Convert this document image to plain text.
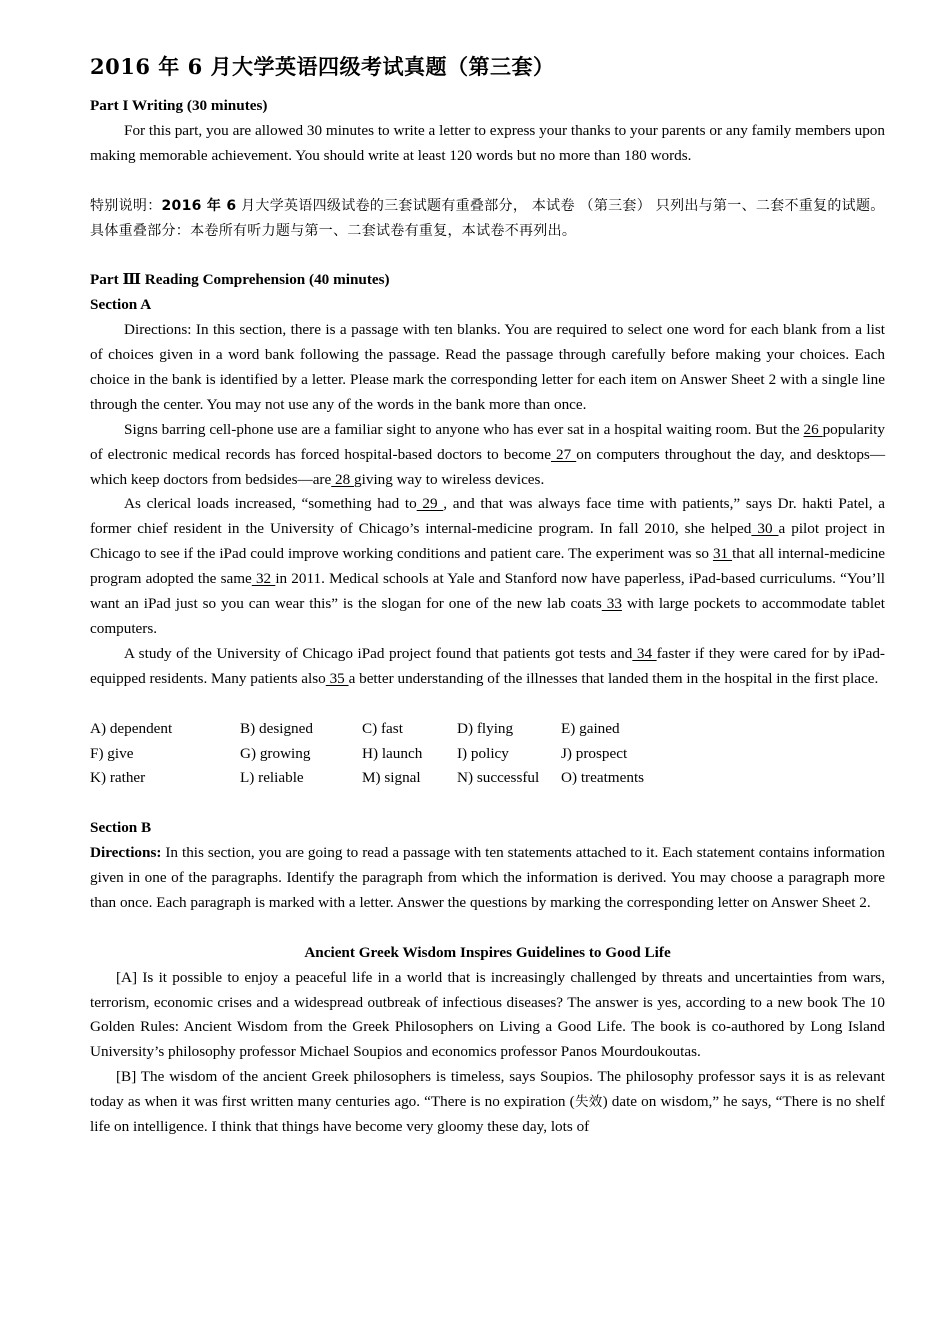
2016 年 6 月大学英语四级考试真题（第三套）

Part I Writing (30 minutes)

For this part, you are allowed 30 minutes to write a letter to express your thanks to your parents or any family members upon making memorable achievement. You should write at least 120 words but no more than 180 words.

特别说明：2016 年 6 月大学英语四级试卷的三套试题有重叠部分， 本试卷 （第三套） 只列出与第一、二套不重复的试题。

具体重叠部分：本卷所有听力题与第一、二套试卷有重复，本试卷不再列出。

Part Ⅲ Reading Comprehension (40 minutes)

Section A

Directions: In this section, there is a passage with ten blanks. You are required to select one word for each blank from a list of choices given in a word bank following the passage. Read the passage through carefully before making your choices. Each choice in the bank is identified by a letter. Please mark the corresponding letter for each item on Answer Sheet 2 with a single line through the center. You may not use any of the words in the bank more than once.

Signs barring cell-phone use are a familiar sight to anyone who has ever sat in a hospital waiting room. But the 26 popularity of electronic medical records has forced hospital-based doctors to become 27 on computers throughout the day, and desktops—which keep doctors from bedsides—are 28 giving way to wireless devices.

As clerical loads increased, “something had to 29 , and that was always face time with patients,” says Dr. hakti Patel, a former chief resident in the University of Chicago’s internal-medicine program. In fall 2010, she helped 30 a pilot project in Chicago to see if the iPad could improve working conditions and patient care. The experiment was so 31 that all internal-medicine program adopted the same 32 in 2011. Medical schools at Yale and Stanford now have paperless, iPad-based curriculums. “You’ll want an iPad just so you can wear this” is the slogan for one of the new lab coats 33 with large pockets to accommodate tablet computers.

A study of the University of Chicago iPad project found that patients got tests and 34 faster if they were cared for by iPad-equipped residents. Many patients also 35 a better understanding of the illnesses that landed them in the hospital in the first place.

A) dependent	B) designed	C) fast	D) flying	E) gained
F) give	G) growing	H) launch	I) policy	J) prospect
K) rather	L) reliable	M) signal	N) successful	O) treatments

Section B

Directions: In this section, you are going to read a passage with ten statements attached to it. Each statement contains information given in one of the paragraphs. Identify the paragraph from which the information is derived. You may choose a paragraph more than once. Each paragraph is marked with a letter. Answer the questions by marking the corresponding letter on Answer Sheet 2.

Ancient Greek Wisdom Inspires Guidelines to Good Life

[A] Is it possible to enjoy a peaceful life in a world that is increasingly challenged by threats and uncertainties from wars, terrorism, economic crises and a widespread outbreak of infectious diseases? The answer is yes, according to a new book The 10 Golden Rules: Ancient Wisdom from the Greek Philosophers on Living a Good Life. The book is co-authored by Long Island University’s philosophy professor Michael Soupios and economics professor Panos Mourdoukoutas.

[B] The wisdom of the ancient Greek philosophers is timeless, says Soupios. The philosophy professor says it is as relevant today as when it was first written many centuries ago. “There is no expiration (失效) date on wisdom,” he says, “There is no shelf life on intelligence. I think that things have become very gloomy these day, lots of
